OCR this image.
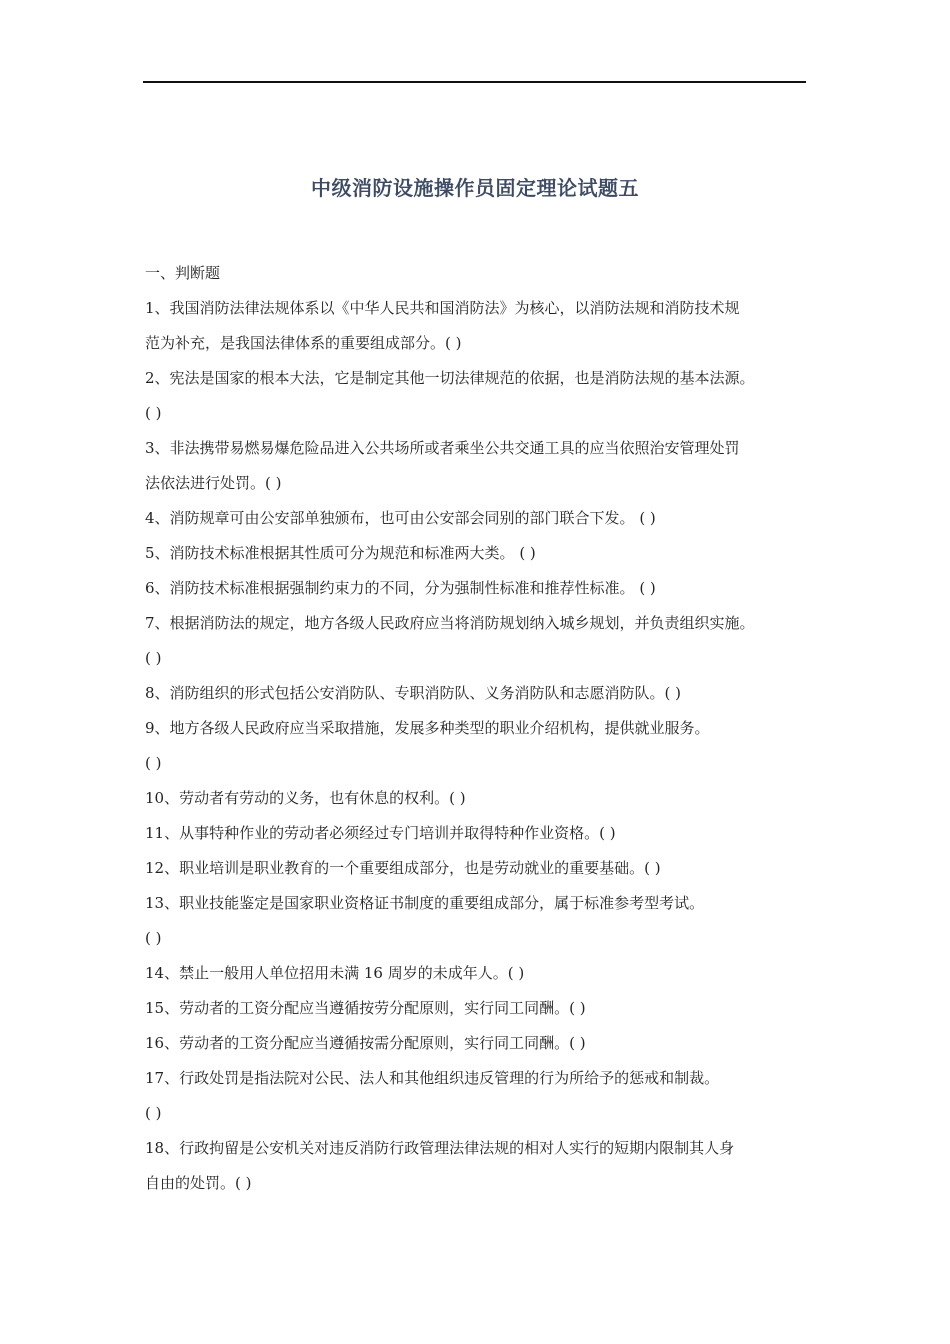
中级消防设施操作员固定理论试题五
一、判断题
1、我国消防法律法规体系以《中华人民共和国消防法》为核心，以消防法规和消防技术规
范为补充，是我国法律体系的重要组成部分。( )
2、宪法是国家的根本大法，它是制定其他一切法律规范的依据，也是消防法规的基本法源。
( )
3、非法携带易燃易爆危险品进入公共场所或者乘坐公共交通工具的应当依照治安管理处罚
法依法进行处罚。( )
4、消防规章可由公安部单独颁布，也可由公安部会同别的部门联合下发。 ( )
5、消防技术标准根据其性质可分为规范和标准两大类。 ( )
6、消防技术标准根据强制约束力的不同，分为强制性标准和推荐性标准。 ( )
7、根据消防法的规定，地方各级人民政府应当将消防规划纳入城乡规划，并负责组织实施。
( )
8、消防组织的形式包括公安消防队、专职消防队、义务消防队和志愿消防队。( )
9、地方各级人民政府应当采取措施，发展多种类型的职业介绍机构，提供就业服务。
( )
10、劳动者有劳动的义务，也有休息的权利。( )
11、从事特种作业的劳动者必须经过专门培训并取得特种作业资格。( )
12、职业培训是职业教育的一个重要组成部分，也是劳动就业的重要基础。( )
13、职业技能鉴定是国家职业资格证书制度的重要组成部分，属于标准参考型考试。
( )
14、禁止一般用人单位招用未满 16 周岁的未成年人。( )
15、劳动者的工资分配应当遵循按劳分配原则，实行同工同酬。( )
16、劳动者的工资分配应当遵循按需分配原则，实行同工同酬。( )
17、行政处罚是指法院对公民、法人和其他组织违反管理的行为所给予的惩戒和制裁。
( )
18、行政拘留是公安机关对违反消防行政管理法律法规的相对人实行的短期内限制其人身
自由的处罚。( )
